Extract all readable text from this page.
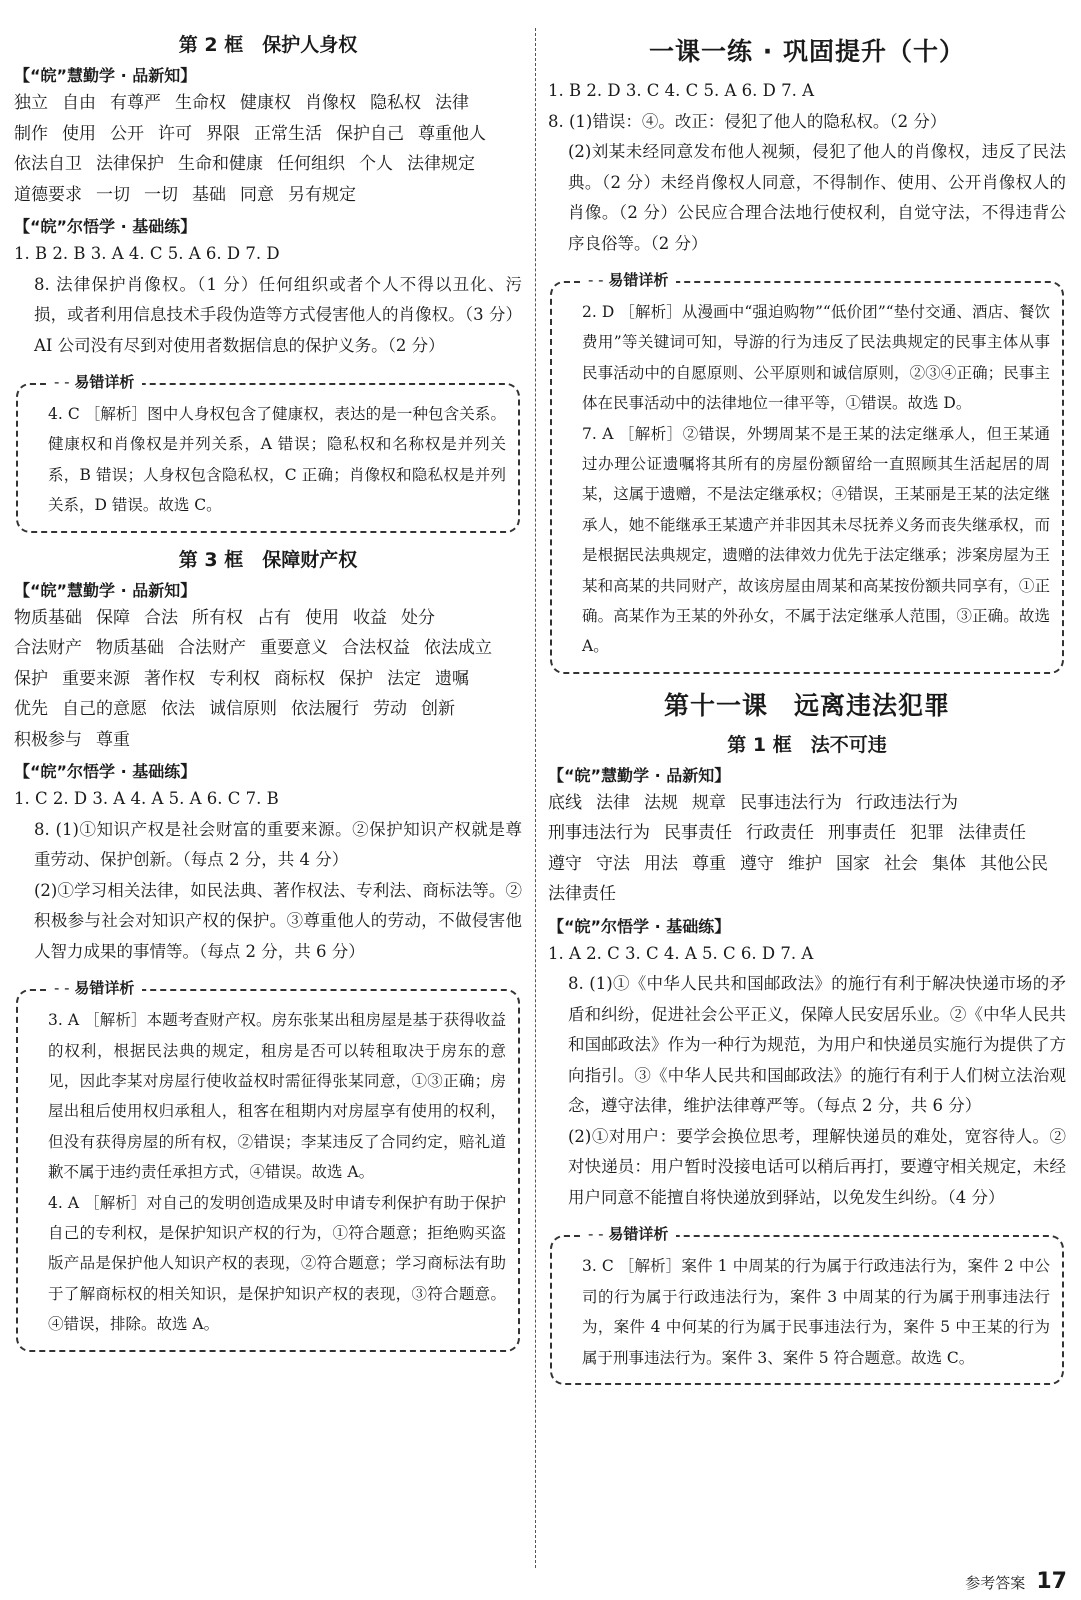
第 2 框　保护人身权
【“皖”慧勤学 · 品新知】
独立 自由 有尊严 生命权 健康权 肖像权 隐私权 法律制作 使用 公开 许可 界限 正常生活 保护自己 尊重他人依法自卫 法律保护 生命和健康 任何组织 个人 法律规定道德要求 一切 一切 基础 同意 另有规定
【“皖”尔悟学 · 基础练】
1. B 2. B 3. A 4. C 5. A 6. D 7. D
8. 法律保护肖像权。（1 分）任何组织或者个人不得以丑化、污损，或者利用信息技术手段伪造等方式侵害他人的肖像权。（3 分）AI 公司没有尽到对使用者数据信息的保护义务。（2 分）
- - 易错详析
4. C ［解析］图中人身权包含了健康权，表达的是一种包含关系。健康权和肖像权是并列关系，A 错误；隐私权和名称权是并列关系，B 错误；人身权包含隐私权，C 正确；肖像权和隐私权是并列关系，D 错误。故选 C。
第 3 框　保障财产权
【“皖”慧勤学 · 品新知】
物质基础 保障 合法 所有权 占有 使用 收益 处分合法财产 物质基础 合法财产 重要意义 合法权益 依法成立保护 重要来源 著作权 专利权 商标权 保护 法定 遗嘱优先 自己的意愿 依法 诚信原则 依法履行 劳动 创新积极参与 尊重
【“皖”尔悟学 · 基础练】
1. C 2. D 3. A 4. A 5. A 6. C 7. B
8. (1)①知识产权是社会财富的重要来源。②保护知识产权就是尊重劳动、保护创新。（每点 2 分，共 4 分）
(2)①学习相关法律，如民法典、著作权法、专利法、商标法等。②积极参与社会对知识产权的保护。③尊重他人的劳动，不做侵害他人智力成果的事情等。（每点 2 分，共 6 分）
- - 易错详析
3. A ［解析］本题考查财产权。房东张某出租房屋是基于获得收益的权利，根据民法典的规定，租房是否可以转租取决于房东的意见，因此李某对房屋行使收益权时需征得张某同意，①③正确；房屋出租后使用权归承租人，租客在租期内对房屋享有使用的权利，但没有获得房屋的所有权，②错误；李某违反了合同约定，赔礼道歉不属于违约责任承担方式，④错误。故选 A。
4. A ［解析］对自己的发明创造成果及时申请专利保护有助于保护自己的专利权，是保护知识产权的行为，①符合题意；拒绝购买盗版产品是保护他人知识产权的表现，②符合题意；学习商标法有助于了解商标权的相关知识，是保护知识产权的表现，③符合题意。④错误，排除。故选 A。
一课一练 · 巩固提升（十）
1. B 2. D 3. C 4. C 5. A 6. D 7. A
8. (1)错误：④。改正：侵犯了他人的隐私权。（2 分）
(2)刘某未经同意发布他人视频，侵犯了他人的肖像权，违反了民法典。（2 分）未经肖像权人同意，不得制作、使用、公开肖像权人的肖像。（2 分）公民应合理合法地行使权利，自觉守法，不得违背公序良俗等。（2 分）
- - 易错详析
2. D ［解析］从漫画中“强迫购物”“低价团”“垫付交通、酒店、餐饮费用”等关键词可知，导游的行为违反了民法典规定的民事主体从事民事活动中的自愿原则、公平原则和诚信原则，②③④正确；民事主体在民事活动中的法律地位一律平等，①错误。故选 D。
7. A ［解析］②错误，外甥周某不是王某的法定继承人，但王某通过办理公证遗嘱将其所有的房屋份额留给一直照顾其生活起居的周某，这属于遗赠，不是法定继承权；④错误，王某丽是王某的法定继承人，她不能继承王某遗产并非因其未尽抚养义务而丧失继承权，而是根据民法典规定，遗赠的法律效力优先于法定继承；涉案房屋为王某和高某的共同财产，故该房屋由周某和高某按份额共同享有，①正确。高某作为王某的外孙女，不属于法定继承人范围，③正确。故选 A。
第十一课　远离违法犯罪
第 1 框　法不可违
【“皖”慧勤学 · 品新知】
底线 法律 法规 规章 民事违法行为 行政违法行为刑事违法行为 民事责任 行政责任 刑事责任 犯罪 法律责任遵守 守法 用法 尊重 遵守 维护 国家 社会 集体 其他公民法律责任
【“皖”尔悟学 · 基础练】
1. A 2. C 3. C 4. A 5. C 6. D 7. A
8. (1)①《中华人民共和国邮政法》的施行有利于解决快递市场的矛盾和纠纷，促进社会公平正义，保障人民安居乐业。②《中华人民共和国邮政法》作为一种行为规范，为用户和快递员实施行为提供了方向指引。③《中华人民共和国邮政法》的施行有利于人们树立法治观念，遵守法律，维护法律尊严等。（每点 2 分，共 6 分）
(2)①对用户：要学会换位思考，理解快递员的难处，宽容待人。②对快递员：用户暂时没接电话可以稍后再打，要遵守相关规定，未经用户同意不能擅自将快递放到驿站，以免发生纠纷。（4 分）
- - 易错详析
3. C ［解析］案件 1 中周某的行为属于行政违法行为，案件 2 中公司的行为属于行政违法行为，案件 3 中周某的行为属于刑事违法行为，案件 4 中何某的行为属于民事违法行为，案件 5 中王某的行为属于刑事违法行为。案件 3、案件 5 符合题意。故选 C。
参考答案 17
